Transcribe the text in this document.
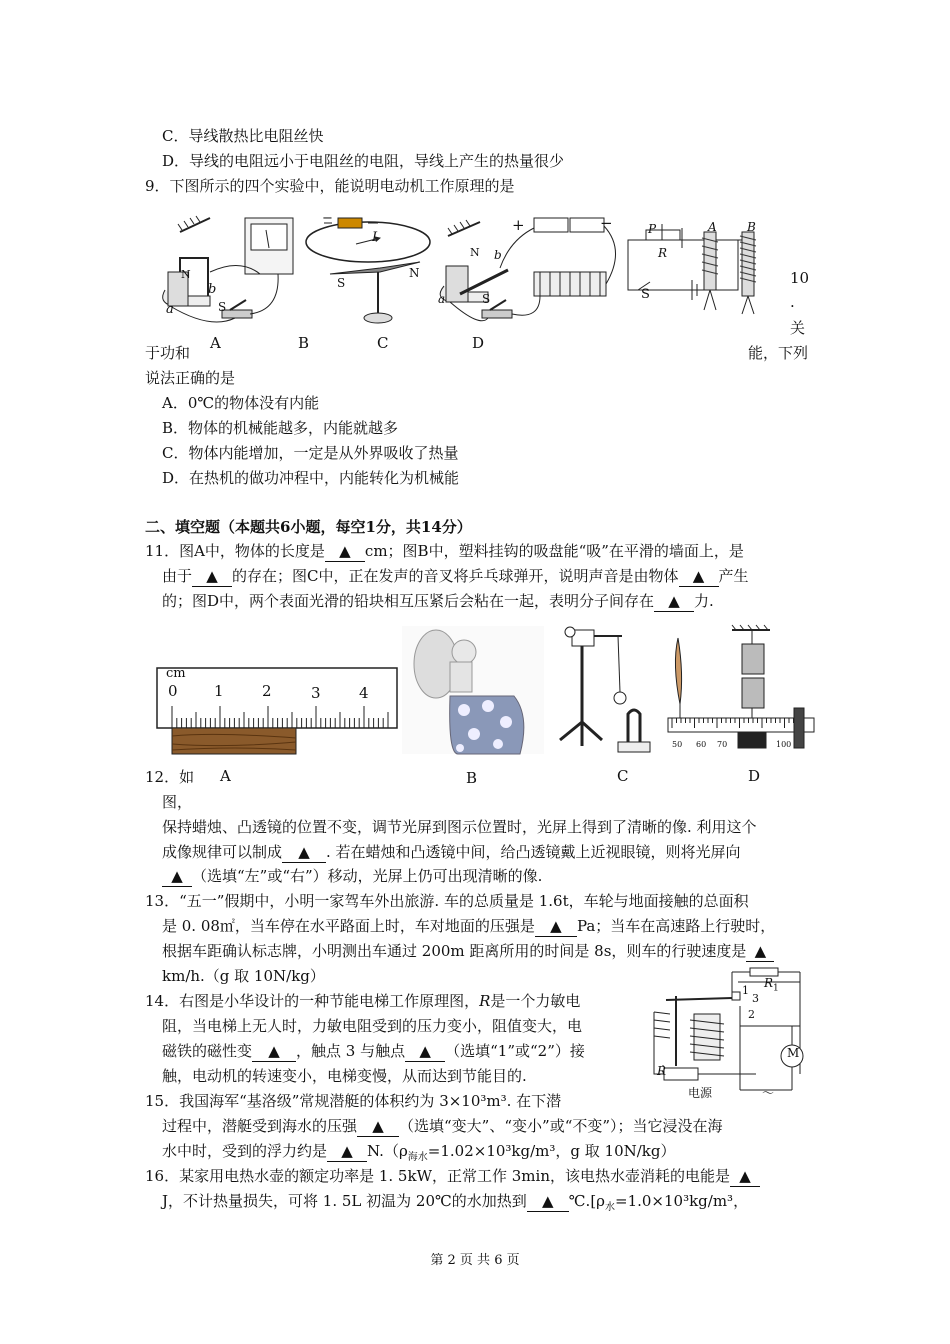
C．导线散热比电阻丝快
D．导线的电阻远小于电阻丝的电阻，导线上产生的热量很少
9．下图所示的四个实验中，能说明电动机工作原理的是
N
b
a	S
−
I
S
N
+	−
N b
a	S
P
R
A	B
S
A	B	C	D
10
.
关
于功和	能，下列
说法正确的是
A．0℃的物体没有内能
B．物体的机械能越多，内能就越多
C．物体内能增加，一定是从外界吸收了热量
D．在热机的做功冲程中，内能转化为机械能
二、填空题（本题共6小题，每空1分，共14分）
11．图A中，物体的长度是 ▲ cm；图B中，塑料挂钩的吸盘能“吸”在平滑的墙面上，是
由于 ▲ 的存在；图C中，正在发声的音叉将乒乓球弹开，说明声音是由物体 ▲ 产生
的；图D中，两个表面光滑的铅块相互压紧后会粘在一起，表明分子间存在 ▲ 力.
cm
0 1	2	3	4
50 60 70	100
A	B	C	D
12．如
图，
保持蜡烛、凸透镜的位置不变，调节光屏到图示位置时，光屏上得到了清晰的像. 利用这个
成像规律可以制成 ▲ . 若在蜡烛和凸透镜中间，给凸透镜戴上近视眼镜，则将光屏向
▲ （选填“左”或“右”）移动，光屏上仍可出现清晰的像.
13．“五一”假期中，小明一家驾车外出旅游. 车的总质量是 1.6t，车轮与地面接触的总面积
是 0. 08㎡，当车停在水平路面上时，车对地面的压强是 ▲ Pa；当车在高速路上行驶时，
根据车距确认标志牌，小明测出车通过 200m 距离所用的时间是 8s，则车的行驶速度是 ▲
km/h.（g 取 10N/kg）
14．右图是小华设计的一种节能电梯工作原理图，R是一个力敏电
阻，当电梯上无人时，力敏电阻受到的压力变小，阻值变大，电
磁铁的磁性变 ▲ ，触点 3 与触点 ▲ （选填“1”或“2”）接
触，电动机的转速变小，电梯变慢，从而达到节能目的.
$R_1$
1
3
2
M
R
电源	～
15．我国海军“基洛级”常规潜艇的体积约为 3×10³m³. 在下潜
过程中，潜艇受到海水的压强 ▲ （选填“变大”、“变小”或“不变”）；当它浸没在海
水中时，受到的浮力约是 ▲ $N.(\rho_{海水}=1.02\times 10^3kg/m^3$，g 取 10N/kg）
16．某家用电热水壶的额定功率是 1. 5kW，正常工作 3min，该电热水壶消耗的电能是 ▲
J，不计热量损失，可将 1. 5L 初温为 20℃的水加热到 ▲ $℃.[\rho_水=1.0\times 10^3kg/m^3$，
第 2 页 共 6 页
